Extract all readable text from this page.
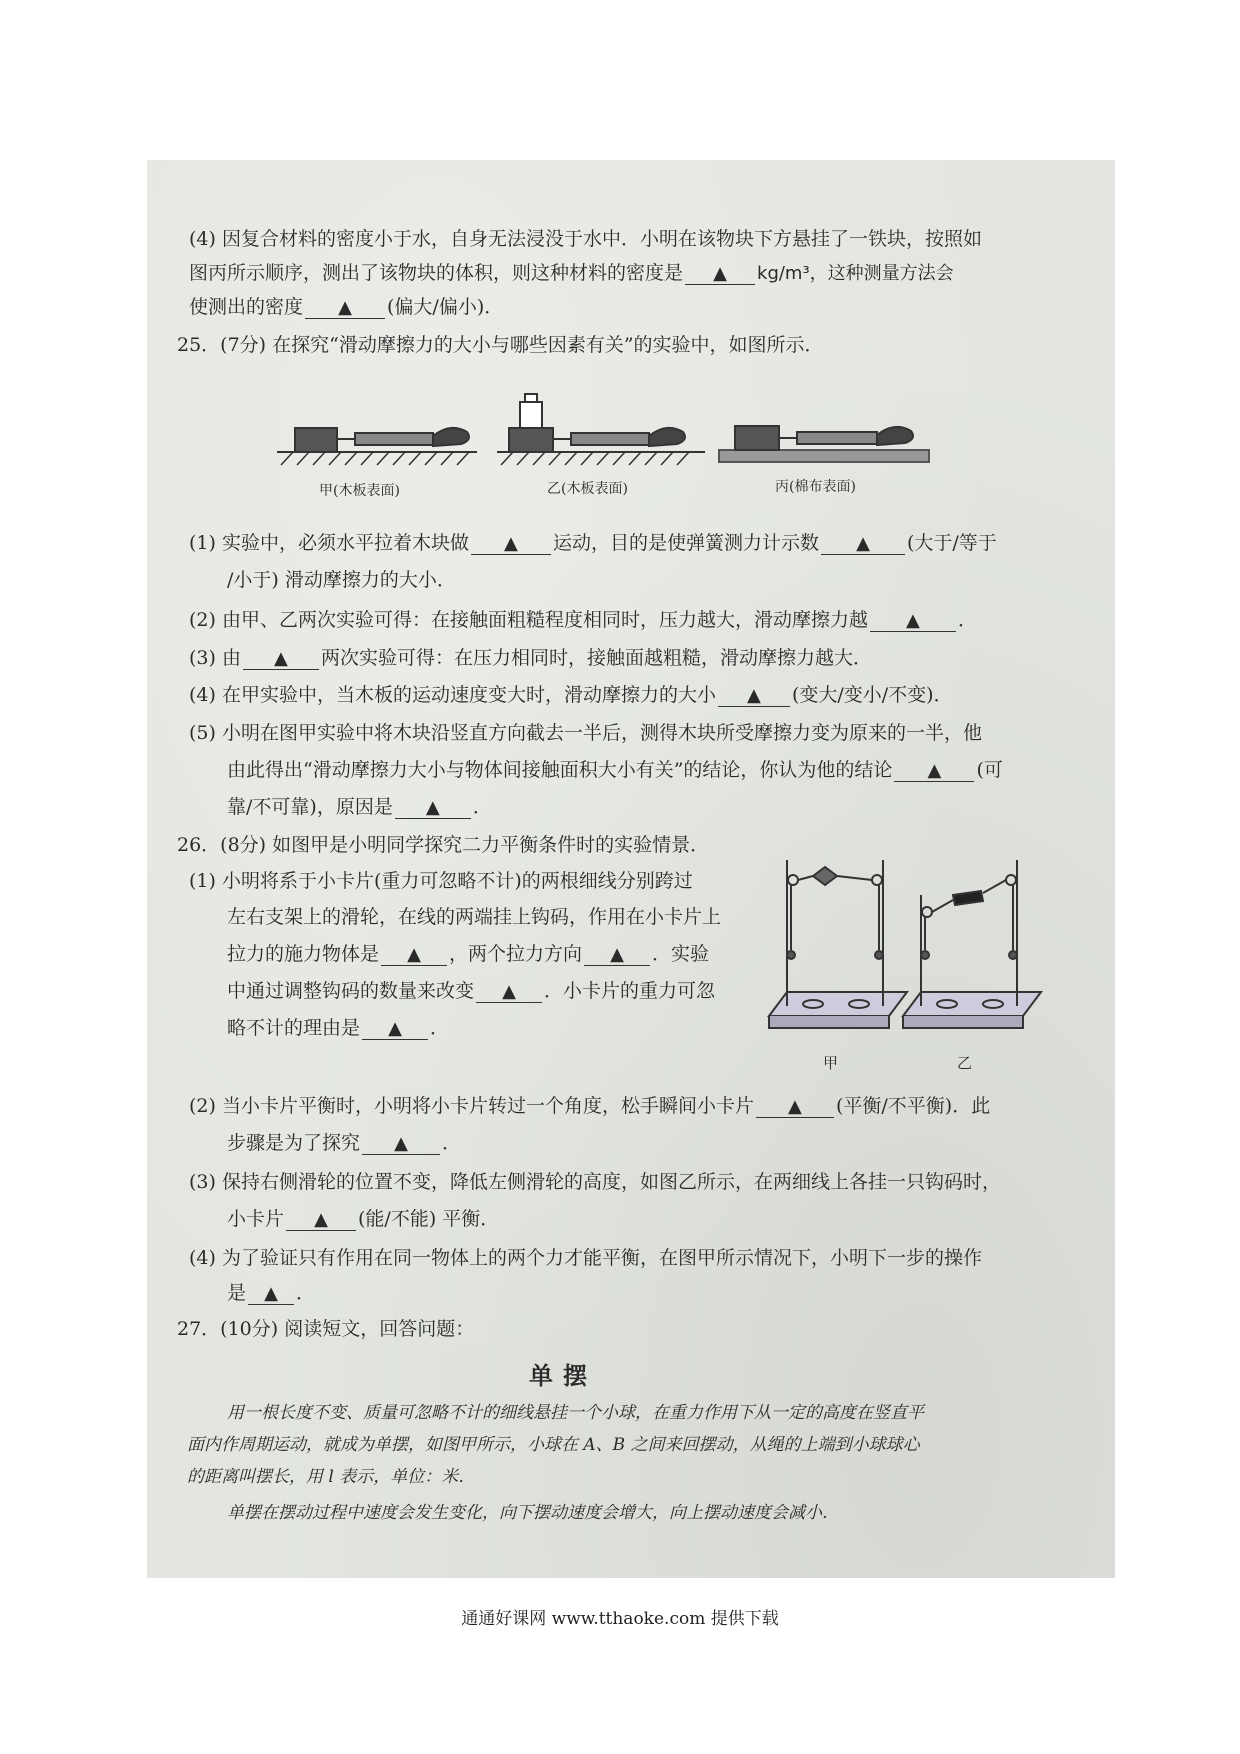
(4) 因复合材料的密度小于水，自身无法浸没于水中．小明在该物块下方悬挂了一铁块，按照如
图丙所示顺序，测出了该物块的体积，则这种材料的密度是 ▲ kg/m³，这种测量方法会
使测出的密度 ▲ (偏大/偏小)．
25．(7分) 在探究“滑动摩擦力的大小与哪些因素有关”的实验中，如图所示．
甲(木板表面)	乙(木板表面)	丙(棉布表面)
(1) 实验中，必须水平拉着木块做 ▲ 运动，目的是使弹簧测力计示数 ▲ (大于/等于
/小于) 滑动摩擦力的大小．
(2) 由甲、乙两次实验可得：在接触面粗糙程度相同时，压力越大，滑动摩擦力越 ▲ ．
(3) 由 ▲ 两次实验可得：在压力相同时，接触面越粗糙，滑动摩擦力越大．
(4) 在甲实验中，当木板的运动速度变大时，滑动摩擦力的大小 ▲ (变大/变小/不变)．
(5) 小明在图甲实验中将木块沿竖直方向截去一半后，测得木块所受摩擦力变为原来的一半，他
由此得出“滑动摩擦力大小与物体间接触面积大小有关”的结论，你认为他的结论 ▲ (可
靠/不可靠)，原因是 ▲ ．
26．(8分) 如图甲是小明同学探究二力平衡条件时的实验情景．
(1) 小明将系于小卡片(重力可忽略不计)的两根细线分别跨过
左右支架上的滑轮，在线的两端挂上钩码，作用在小卡片上
拉力的施力物体是 ▲ ，两个拉力方向 ▲ ．实验
中通过调整钩码的数量来改变 ▲ ．小卡片的重力可忽
略不计的理由是 ▲ ．
甲	乙
(2) 当小卡片平衡时，小明将小卡片转过一个角度，松手瞬间小卡片 ▲ (平衡/不平衡)．此
步骤是为了探究 ▲ ．
(3) 保持右侧滑轮的位置不变，降低左侧滑轮的高度，如图乙所示，在两细线上各挂一只钩码时，
小卡片 ▲ (能/不能) 平衡．
(4) 为了验证只有作用在同一物体上的两个力才能平衡，在图甲所示情况下，小明下一步的操作
是 ▲ ．
27．(10分) 阅读短文，回答问题：
单摆
用一根长度不变、质量可忽略不计的细线悬挂一个小球，在重力作用下从一定的高度在竖直平
面内作周期运动，就成为单摆，如图甲所示，小球在 A、B 之间来回摆动，从绳的上端到小球球心
的距离叫摆长，用 l 表示，单位：米．
单摆在摆动过程中速度会发生变化，向下摆动速度会增大，向上摆动速度会减小．
通通好课网 www.tthaoke.com 提供下载
